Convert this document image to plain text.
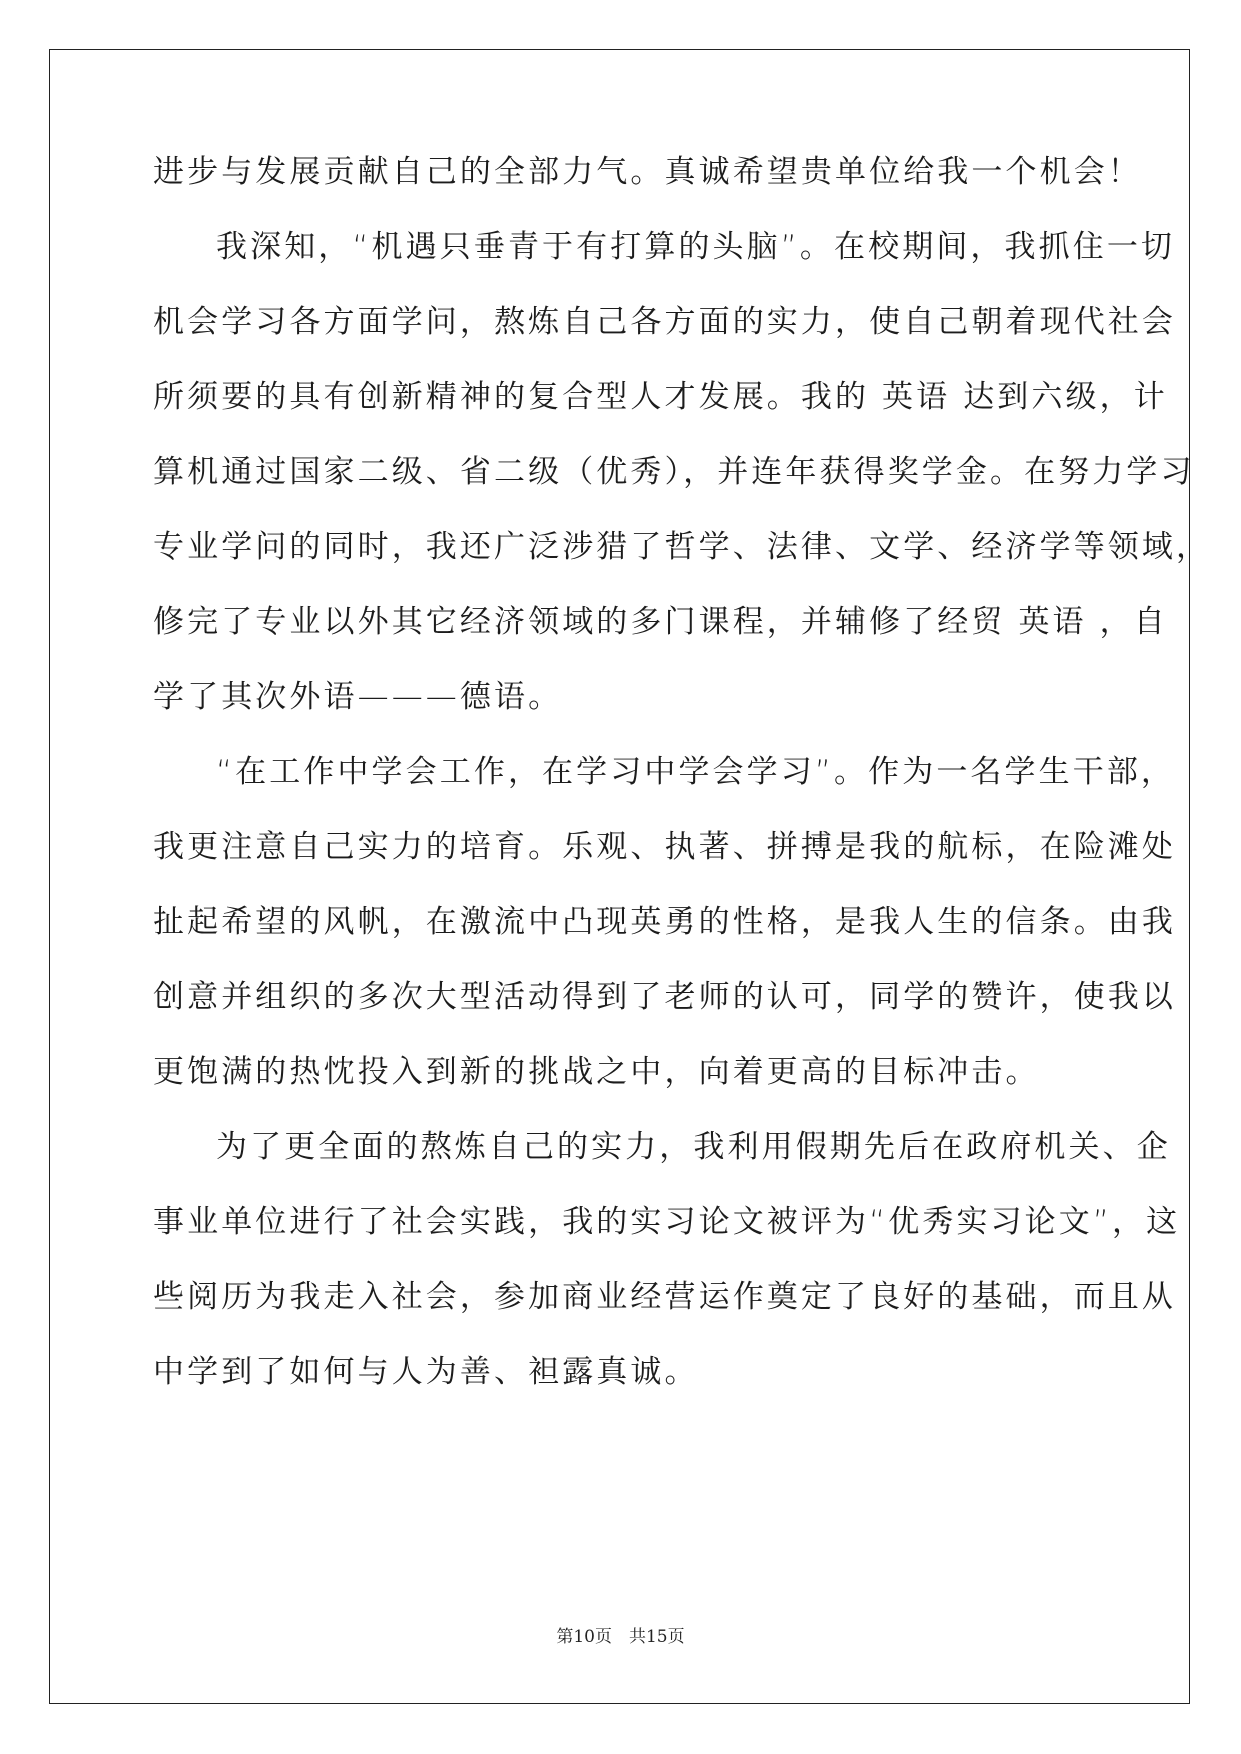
进步与发展贡献自己的全部力气。真诚希望贵单位给我一个机会！
我深知，“机遇只垂青于有打算的头脑”。在校期间，我抓住一切
机会学习各方面学问，熬炼自己各方面的实力，使自己朝着现代社会
所须要的具有创新精神的复合型人才发展。我的 英语 达到六级，计
算机通过国家二级、省二级（优秀），并连年获得奖学金。在努力学习
专业学问的同时，我还广泛涉猎了哲学、法律、文学、经济学等领域，
修完了专业以外其它经济领域的多门课程，并辅修了经贸 英语 ，自
学了其次外语———德语。
“在工作中学会工作，在学习中学会学习”。作为一名学生干部，
我更注意自己实力的培育。乐观、执著、拼搏是我的航标，在险滩处
扯起希望的风帆，在激流中凸现英勇的性格，是我人生的信条。由我
创意并组织的多次大型活动得到了老师的认可，同学的赞许，使我以
更饱满的热忱投入到新的挑战之中，向着更高的目标冲击。
为了更全面的熬炼自己的实力，我利用假期先后在政府机关、企
事业单位进行了社会实践，我的实习论文被评为“优秀实习论文”，这
些阅历为我走入社会，参加商业经营运作奠定了良好的基础，而且从
中学到了如何与人为善、袒露真诚。
第10页　共15页
